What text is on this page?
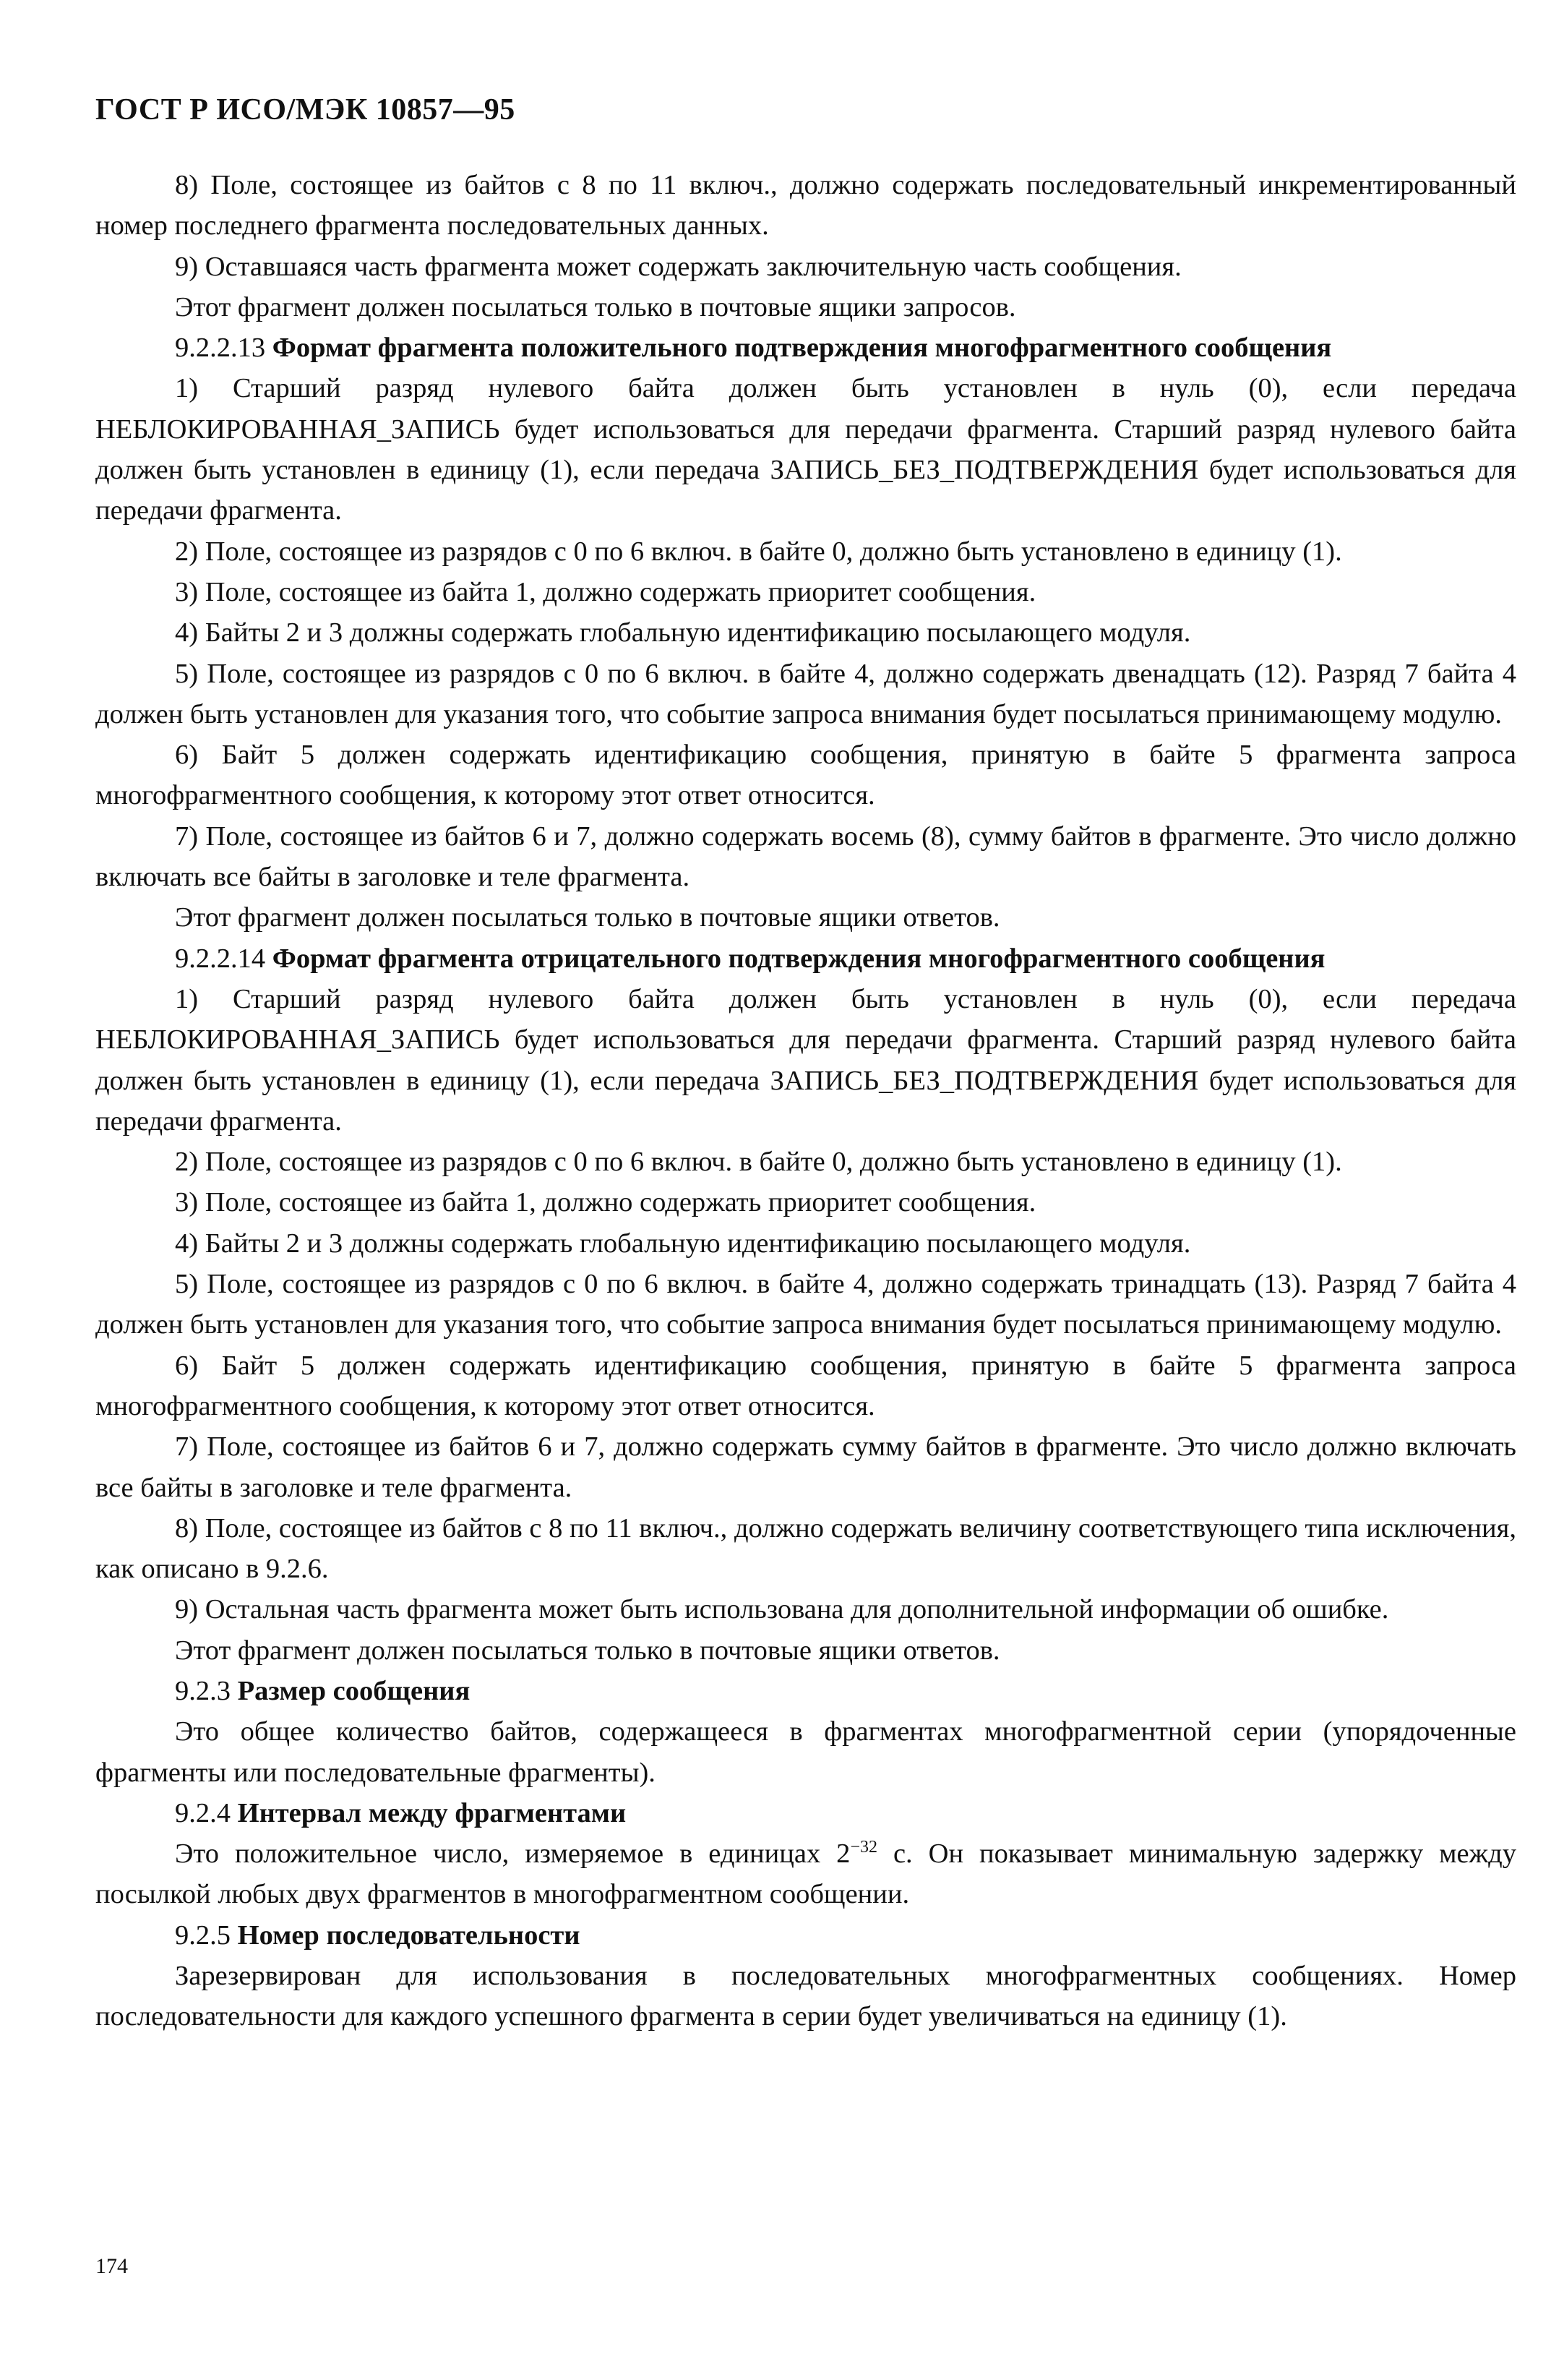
ГОСТ Р ИСО/МЭК 10857—95

8) Поле, состоящее из байтов с 8 по 11 включ., должно содержать последовательный инкрементированный номер последнего фрагмента последовательных данных.

9) Оставшаяся часть фрагмента может содержать заключительную часть сообщения.

Этот фрагмент должен посылаться только в почтовые ящики запросов.

9.2.2.13 Формат фрагмента положительного подтверждения многофрагментного сообщения

1) Старший разряд нулевого байта должен быть установлен в нуль (0), если передача НЕБЛОКИРОВАННАЯ_ЗАПИСЬ будет использоваться для передачи фрагмента. Старший разряд нулевого байта должен быть установлен в единицу (1), если передача ЗАПИСЬ_БЕЗ_ПОДТВЕРЖДЕНИЯ будет использоваться для передачи фрагмента.

2) Поле, состоящее из разрядов с 0 по 6 включ. в байте 0, должно быть установлено в единицу (1).

3) Поле, состоящее из байта 1, должно содержать приоритет сообщения.

4) Байты 2 и 3 должны содержать глобальную идентификацию посылающего модуля.

5) Поле, состоящее из разрядов с 0 по 6 включ. в байте 4, должно содержать двенадцать (12). Разряд 7 байта 4 должен быть установлен для указания того, что событие запроса внимания будет посылаться принимающему модулю.

6) Байт 5 должен содержать идентификацию сообщения, принятую в байте 5 фрагмента запроса многофрагментного сообщения, к которому этот ответ относится.

7) Поле, состоящее из байтов 6 и 7, должно содержать восемь (8), сумму байтов в фрагменте. Это число должно включать все байты в заголовке и теле фрагмента.

Этот фрагмент должен посылаться только в почтовые ящики ответов.

9.2.2.14 Формат фрагмента отрицательного подтверждения многофрагментного сообщения

1) Старший разряд нулевого байта должен быть установлен в нуль (0), если передача НЕБЛОКИРОВАННАЯ_ЗАПИСЬ будет использоваться для передачи фрагмента. Старший разряд нулевого байта должен быть установлен в единицу (1), если передача ЗАПИСЬ_БЕЗ_ПОДТВЕРЖДЕНИЯ будет использоваться для передачи фрагмента.

2) Поле, состоящее из разрядов с 0 по 6 включ. в байте 0, должно быть установлено в единицу (1).

3) Поле, состоящее из байта 1, должно содержать приоритет сообщения.

4) Байты 2 и 3 должны содержать глобальную идентификацию посылающего модуля.

5) Поле, состоящее из разрядов с 0 по 6 включ. в байте 4, должно содержать тринадцать (13). Разряд 7 байта 4 должен быть установлен для указания того, что событие запроса внимания будет посылаться принимающему модулю.

6) Байт 5 должен содержать идентификацию сообщения, принятую в байте 5 фрагмента запроса многофрагментного сообщения, к которому этот ответ относится.

7) Поле, состоящее из байтов 6 и 7, должно содержать сумму байтов в фрагменте. Это число должно включать все байты в заголовке и теле фрагмента.

8) Поле, состоящее из байтов с 8 по 11 включ., должно содержать величину соответствующего типа исключения, как описано в 9.2.6.

9) Остальная часть фрагмента может быть использована для дополнительной информации об ошибке.

Этот фрагмент должен посылаться только в почтовые ящики ответов.

9.2.3 Размер сообщения

Это общее количество байтов, содержащееся в фрагментах многофрагментной серии (упорядоченные фрагменты или последовательные фрагменты).

9.2.4 Интервал между фрагментами

Это положительное число, измеряемое в единицах $2^{-32}$ с. Он показывает минимальную задержку между посылкой любых двух фрагментов в многофрагментном сообщении.

9.2.5 Номер последовательности

Зарезервирован для использования в последовательных многофрагментных сообщениях. Номер последовательности для каждого успешного фрагмента в серии будет увеличиваться на единицу (1).

174
